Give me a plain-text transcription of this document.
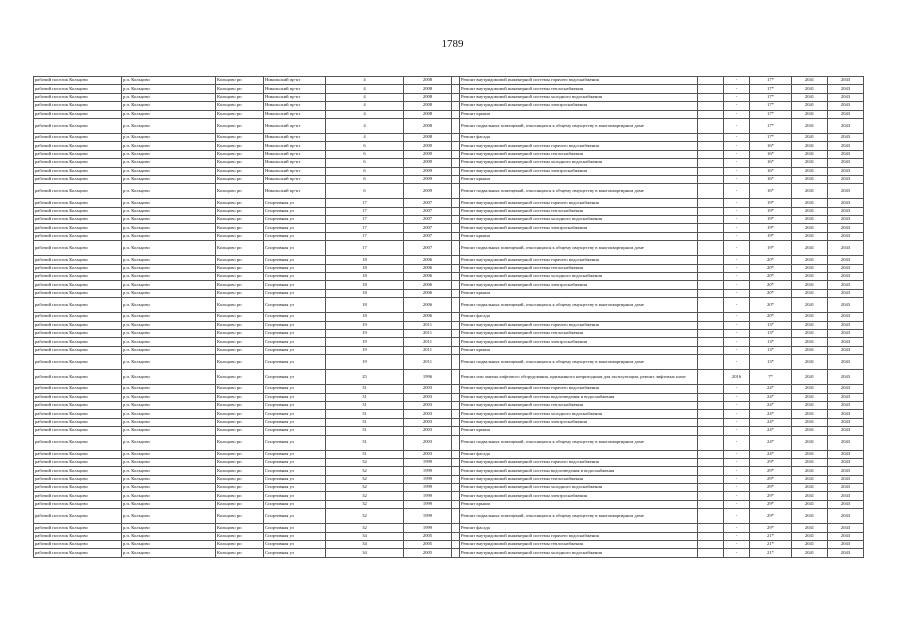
1789
рабочий поселок Кольцово	р.п. Кольцово	Кольцово рп	Никольский пр-кт	4	2008		Ремонт внутридомовой инженерной системы горячего водоснабжения		-	17*	2041	2043
рабочий поселок Кольцово	р.п. Кольцово	Кольцово рп	Никольский пр-кт	4	2008		Ремонт внутридомовой инженерной системы теплоснабжения		-	17*	2041	2043
рабочий поселок Кольцово	р.п. Кольцово	Кольцово рп	Никольский пр-кт	4	2008		Ремонт внутридомовой инженерной системы холодного водоснабжения		-	17*	2041	2043
рабочий поселок Кольцово	р.п. Кольцово	Кольцово рп	Никольский пр-кт	4	2008		Ремонт внутридомовой инженерной системы электроснабжения		-	17*	2041	2043
рабочий поселок Кольцово	р.п. Кольцово	Кольцово рп	Никольский пр-кт	4	2008		Ремонт крыши		-	17*	2041	2043
рабочий поселок Кольцово	р.п. Кольцово	Кольцово рп	Никольский пр-кт	4	2008		Ремонт подвальных помещений, относящихся к общему имуществу в многоквартирном доме		-	17*	2041	2043
рабочий поселок Кольцово	р.п. Кольцово	Кольцово рп	Никольский пр-кт	4	2008		Ремонт фасада		-	17*	2041	2043
рабочий поселок Кольцово	р.п. Кольцово	Кольцово рп	Никольский пр-кт	6	2009		Ремонт внутридомовой инженерной системы горячего водоснабжения		-	16*	2041	2043
рабочий поселок Кольцово	р.п. Кольцово	Кольцово рп	Никольский пр-кт	6	2009		Ремонт внутридомовой инженерной системы теплоснабжения		-	16*	2041	2043
рабочий поселок Кольцово	р.п. Кольцово	Кольцово рп	Никольский пр-кт	6	2009		Ремонт внутридомовой инженерной системы холодного водоснабжения		-	16*	2041	2043
рабочий поселок Кольцово	р.п. Кольцово	Кольцово рп	Никольский пр-кт	6	2009		Ремонт внутридомовой инженерной системы электроснабжения		-	16*	2041	2043
рабочий поселок Кольцово	р.п. Кольцово	Кольцово рп	Никольский пр-кт	6	2009		Ремонт крыши		-	16*	2041	2043
рабочий поселок Кольцово	р.п. Кольцово	Кольцово рп	Никольский пр-кт	6	2009		Ремонт подвальных помещений, относящихся к общему имуществу в многоквартирном доме		-	16*	2041	2043
рабочий поселок Кольцово	р.п. Кольцово	Кольцово рп	Спортивная ул	17	2007		Ремонт внутридомовой инженерной системы горячего водоснабжения		-	19*	2041	2043
рабочий поселок Кольцово	р.п. Кольцово	Кольцово рп	Спортивная ул	17	2007		Ремонт внутридомовой инженерной системы теплоснабжения		-	19*	2041	2043
рабочий поселок Кольцово	р.п. Кольцово	Кольцово рп	Спортивная ул	17	2007		Ремонт внутридомовой инженерной системы холодного водоснабжения		-	19*	2041	2043
рабочий поселок Кольцово	р.п. Кольцово	Кольцово рп	Спортивная ул	17	2007		Ремонт внутридомовой инженерной системы электроснабжения		-	19*	2041	2043
рабочий поселок Кольцово	р.п. Кольцово	Кольцово рп	Спортивная ул	17	2007		Ремонт крыши		-	19*	2041	2043
рабочий поселок Кольцово	р.п. Кольцово	Кольцово рп	Спортивная ул	17	2007		Ремонт подвальных помещений, относящихся к общему имуществу в многоквартирном доме		-	19*	2041	2043
рабочий поселок Кольцово	р.п. Кольцово	Кольцово рп	Спортивная ул	18	2006		Ремонт внутридомовой инженерной системы горячего водоснабжения		-	20*	2041	2043
рабочий поселок Кольцово	р.п. Кольцово	Кольцово рп	Спортивная ул	18	2006		Ремонт внутридомовой инженерной системы теплоснабжения		-	20*	2041	2043
рабочий поселок Кольцово	р.п. Кольцово	Кольцово рп	Спортивная ул	18	2006		Ремонт внутридомовой инженерной системы холодного водоснабжения		-	20*	2041	2043
рабочий поселок Кольцово	р.п. Кольцово	Кольцово рп	Спортивная ул	18	2006		Ремонт внутридомовой инженерной системы электроснабжения		-	20*	2041	2043
рабочий поселок Кольцово	р.п. Кольцово	Кольцово рп	Спортивная ул	18	2006		Ремонт крыши		-	20*	2041	2043
рабочий поселок Кольцово	р.п. Кольцово	Кольцово рп	Спортивная ул	18	2006		Ремонт подвальных помещений, относящихся к общему имуществу в многоквартирном доме		-	20*	2041	2043
рабочий поселок Кольцово	р.п. Кольцово	Кольцово рп	Спортивная ул	18	2006		Ремонт фасада		-	20*	2041	2043
рабочий поселок Кольцово	р.п. Кольцово	Кольцово рп	Спортивная ул	19	2011		Ремонт внутридомовой инженерной системы горячего водоснабжения		-	13*	2041	2043
рабочий поселок Кольцово	р.п. Кольцово	Кольцово рп	Спортивная ул	19	2011		Ремонт внутридомовой инженерной системы теплоснабжения		-	13*	2041	2043
рабочий поселок Кольцово	р.п. Кольцово	Кольцово рп	Спортивная ул	19	2011		Ремонт внутридомовой инженерной системы электроснабжения		-	13*	2041	2043
рабочий поселок Кольцово	р.п. Кольцово	Кольцово рп	Спортивная ул	19	2011		Ремонт крыши		-	13*	2041	2043
рабочий поселок Кольцово	р.п. Кольцово	Кольцово рп	Спортивная ул	19	2011		Ремонт подвальных помещений, относящихся к общему имуществу в многоквартирном доме		-	13*	2041	2043
рабочий поселок Кольцово	р.п. Кольцово	Кольцово рп	Спортивная ул	25	1996		Ремонт или замена лифтового оборудования, признанного непригодным для эксплуатации, ремонт лифтовых шахт		2016	7*	2041	2043
рабочий поселок Кольцово	р.п. Кольцово	Кольцово рп	Спортивная ул	31	2003		Ремонт внутридомовой инженерной системы горячего водоснабжения		-	24*	2041	2043
рабочий поселок Кольцово	р.п. Кольцово	Кольцово рп	Спортивная ул	31	2003		Ремонт внутридомовой инженерной системы водоотведения и водоснабжения		-	24*	2041	2043
рабочий поселок Кольцово	р.п. Кольцово	Кольцово рп	Спортивная ул	31	2003		Ремонт внутридомовой инженерной системы теплоснабжения		-	24*	2041	2043
рабочий поселок Кольцово	р.п. Кольцово	Кольцово рп	Спортивная ул	31	2003		Ремонт внутридомовой инженерной системы холодного водоснабжения		-	24*	2041	2043
рабочий поселок Кольцово	р.п. Кольцово	Кольцово рп	Спортивная ул	31	2003		Ремонт внутридомовой инженерной системы электроснабжения		-	24*	2041	2043
рабочий поселок Кольцово	р.п. Кольцово	Кольцово рп	Спортивная ул	31	2003		Ремонт крыши		-	24*	2041	2043
рабочий поселок Кольцово	р.п. Кольцово	Кольцово рп	Спортивная ул	31	2003		Ремонт подвальных помещений, относящихся к общему имуществу в многоквартирном доме		-	24*	2041	2043
рабочий поселок Кольцово	р.п. Кольцово	Кольцово рп	Спортивная ул	31	2003		Ремонт фасада		-	24*	2041	2043
рабочий поселок Кольцово	р.п. Кольцово	Кольцово рп	Спортивная ул	32	1999		Ремонт внутридомовой инженерной системы горячего водоснабжения		-	29*	2041	2043
рабочий поселок Кольцово	р.п. Кольцово	Кольцово рп	Спортивная ул	32	1999		Ремонт внутридомовой инженерной системы водоотведения и водоснабжения		-	29*	2041	2043
рабочий поселок Кольцово	р.п. Кольцово	Кольцово рп	Спортивная ул	32	1999		Ремонт внутридомовой инженерной системы теплоснабжения		-	29*	2041	2043
рабочий поселок Кольцово	р.п. Кольцово	Кольцово рп	Спортивная ул	32	1999		Ремонт внутридомовой инженерной системы холодного водоснабжения		-	29*	2041	2043
рабочий поселок Кольцово	р.п. Кольцово	Кольцово рп	Спортивная ул	32	1999		Ремонт внутридомовой инженерной системы электроснабжения		-	29*	2041	2043
рабочий поселок Кольцово	р.п. Кольцово	Кольцово рп	Спортивная ул	32	1999		Ремонт крыши		-	29*	2041	2043
рабочий поселок Кольцово	р.п. Кольцово	Кольцово рп	Спортивная ул	32	1999		Ремонт подвальных помещений, относящихся к общему имуществу в многоквартирном доме		-	29*	2041	2043
рабочий поселок Кольцово	р.п. Кольцово	Кольцово рп	Спортивная ул	32	1999		Ремонт фасада		-	29*	2041	2043
рабочий поселок Кольцово	р.п. Кольцово	Кольцово рп	Спортивная ул	34	2005		Ремонт внутридомовой инженерной системы горячего водоснабжения		-	21*	2041	2043
рабочий поселок Кольцово	р.п. Кольцово	Кольцово рп	Спортивная ул	34	2005		Ремонт внутридомовой инженерной системы теплоснабжения		-	21*	2041	2043
рабочий поселок Кольцово	р.п. Кольцово	Кольцово рп	Спортивная ул	34	2005		Ремонт внутридомовой инженерной системы холодного водоснабжения		-	21*	2041	2043
